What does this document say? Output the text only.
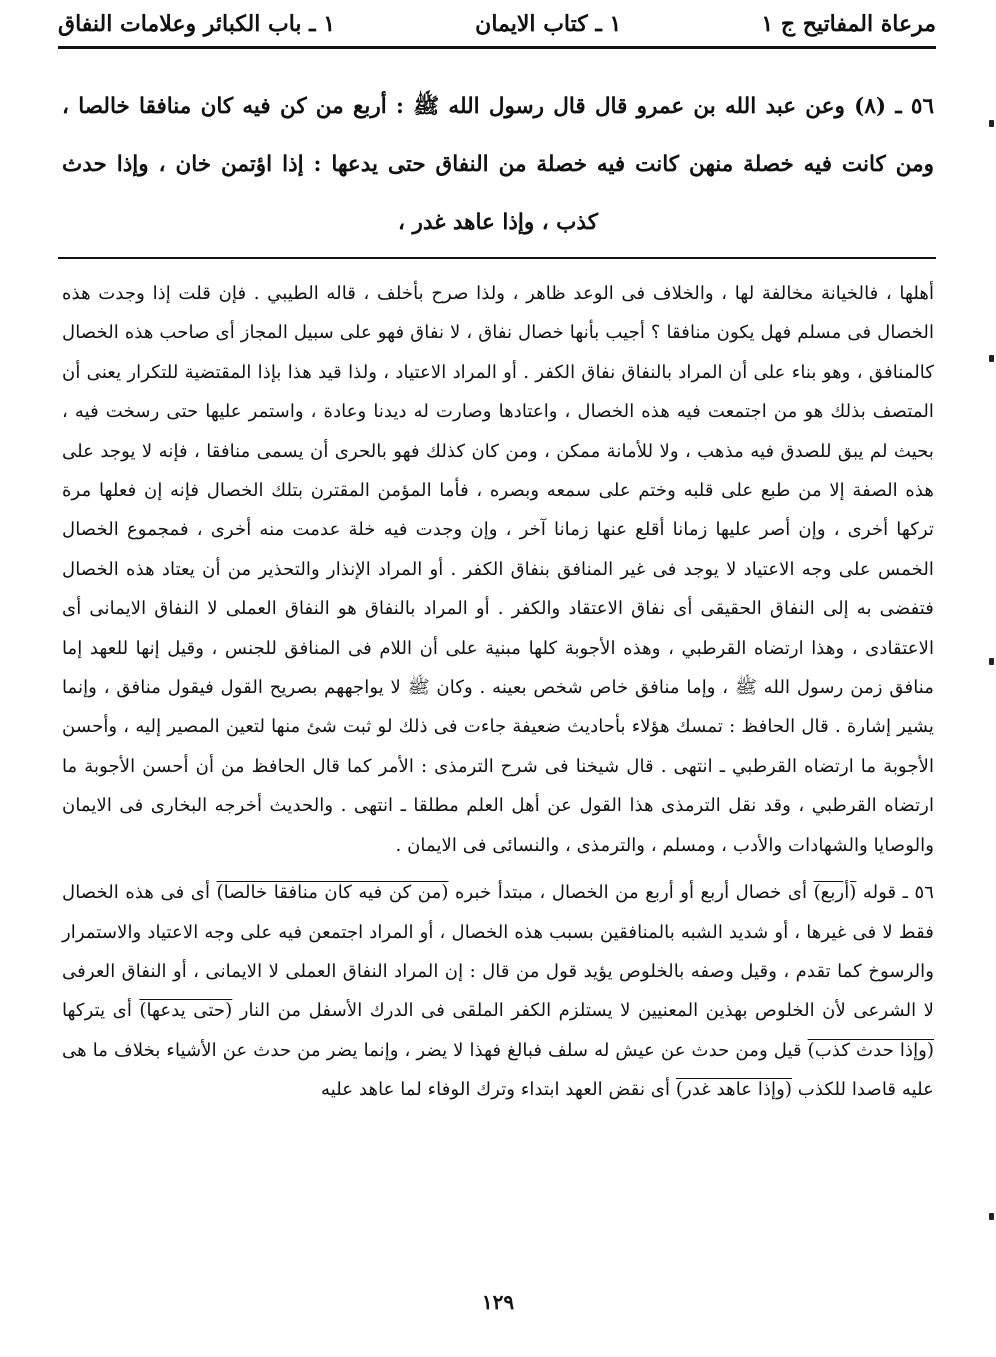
مرعاة المفاتيح ج ١
١ ـ كتاب الايمان
١ ـ باب الكبائر وعلامات النفاق

٥٦ ـ (٨) وعن عبد الله بن عمرو قال قال رسول الله ﷺ : أربع من كن فيه كان منافقا خالصا ، ومن كانت فيه خصلة منهن كانت فيه خصلة من النفاق حتى يدعها : إذا اؤتمن خان ، وإذا حدث كذب ، وإذا عاهد غدر ،

أهلها ، فالخيانة مخالفة لها ، والخلاف فى الوعد ظاهر ، ولذا صرح بأخلف ، قاله الطيبي . فإن قلت إذا وجدت هذه الخصال فى مسلم فهل يكون منافقا ؟ أجيب بأنها خصال نفاق ، لا نفاق فهو على سبيل المجاز أى صاحب هذه الخصال كالمنافق ، وهو بناء على أن المراد بالنفاق نفاق الكفر . أو المراد الاعتياد ، ولذا قيد هذا بإذا المقتضية للتكرار يعنى أن المتصف بذلك هو من اجتمعت فيه هذه الخصال ، واعتادها وصارت له ديدنا وعادة ، واستمر عليها حتى رسخت فيه ، بحيث لم يبق للصدق فيه مذهب ، ولا للأمانة ممكن ، ومن كان كذلك فهو بالحرى أن يسمى منافقا ، فإنه لا يوجد على هذه الصفة إلا من طبع على قلبه وختم على سمعه وبصره ، فأما المؤمن المقترن بتلك الخصال فإنه إن فعلها مرة تركها أخرى ، وإن أصر عليها زمانا أقلع عنها زمانا آخر ، وإن وجدت فيه خلة عدمت منه أخرى ، فمجموع الخصال الخمس على وجه الاعتياد لا يوجد فى غير المنافق بنفاق الكفر . أو المراد الإنذار والتحذير من أن يعتاد هذه الخصال فتفضى به إلى النفاق الحقيقى أى نفاق الاعتقاد والكفر . أو المراد بالنفاق هو النفاق العملى لا النفاق الايمانى أى الاعتقادى ، وهذا ارتضاه القرطبي ، وهذه الأجوبة كلها مبنية على أن اللام فى المنافق للجنس ، وقيل إنها للعهد إما منافق زمن رسول الله ﷺ ، وإما منافق خاص شخص بعينه . وكان ﷺ لا يواجههم بصريح القول فيقول منافق ، وإنما يشير إشارة . قال الحافظ : تمسك هؤلاء بأحاديث ضعيفة جاءت فى ذلك لو ثبت شئ منها لتعين المصير إليه ، وأحسن الأجوبة ما ارتضاه القرطبي ـ انتهى . قال شيخنا فى شرح الترمذى : الأمر كما قال الحافظ من أن أحسن الأجوبة ما ارتضاه القرطبي ، وقد نقل الترمذى هذا القول عن أهل العلم مطلقا ـ انتهى . والحديث أخرجه البخارى فى الايمان والوصايا والشهادات والأدب ، ومسلم ، والترمذى ، والنسائى فى الايمان .

٥٦ ـ قوله (أربع) أى خصال أربع أو أربع من الخصال ، مبتدأ خبره (من كن فيه كان منافقا خالصا) أى فى هذه الخصال فقط لا فى غيرها ، أو شديد الشبه بالمنافقين بسبب هذه الخصال ، أو المراد اجتمعن فيه على وجه الاعتياد والاستمرار والرسوخ كما تقدم ، وقيل وصفه بالخلوص يؤيد قول من قال : إن المراد النفاق العملى لا الايمانى ، أو النفاق العرفى لا الشرعى لأن الخلوص بهذين المعنيين لا يستلزم الكفر الملقى فى الدرك الأسفل من النار (حتى يدعها) أى يتركها (وإذا حدث كذب) قيل ومن حدث عن عيش له سلف فبالغ فهذا لا يضر ، وإنما يضر من حدث عن الأشياء بخلاف ما هى عليه قاصدا للكذب (وإذا عاهد غدر) أى نقض العهد ابتداء وترك الوفاء لما عاهد عليه

١٢٩
